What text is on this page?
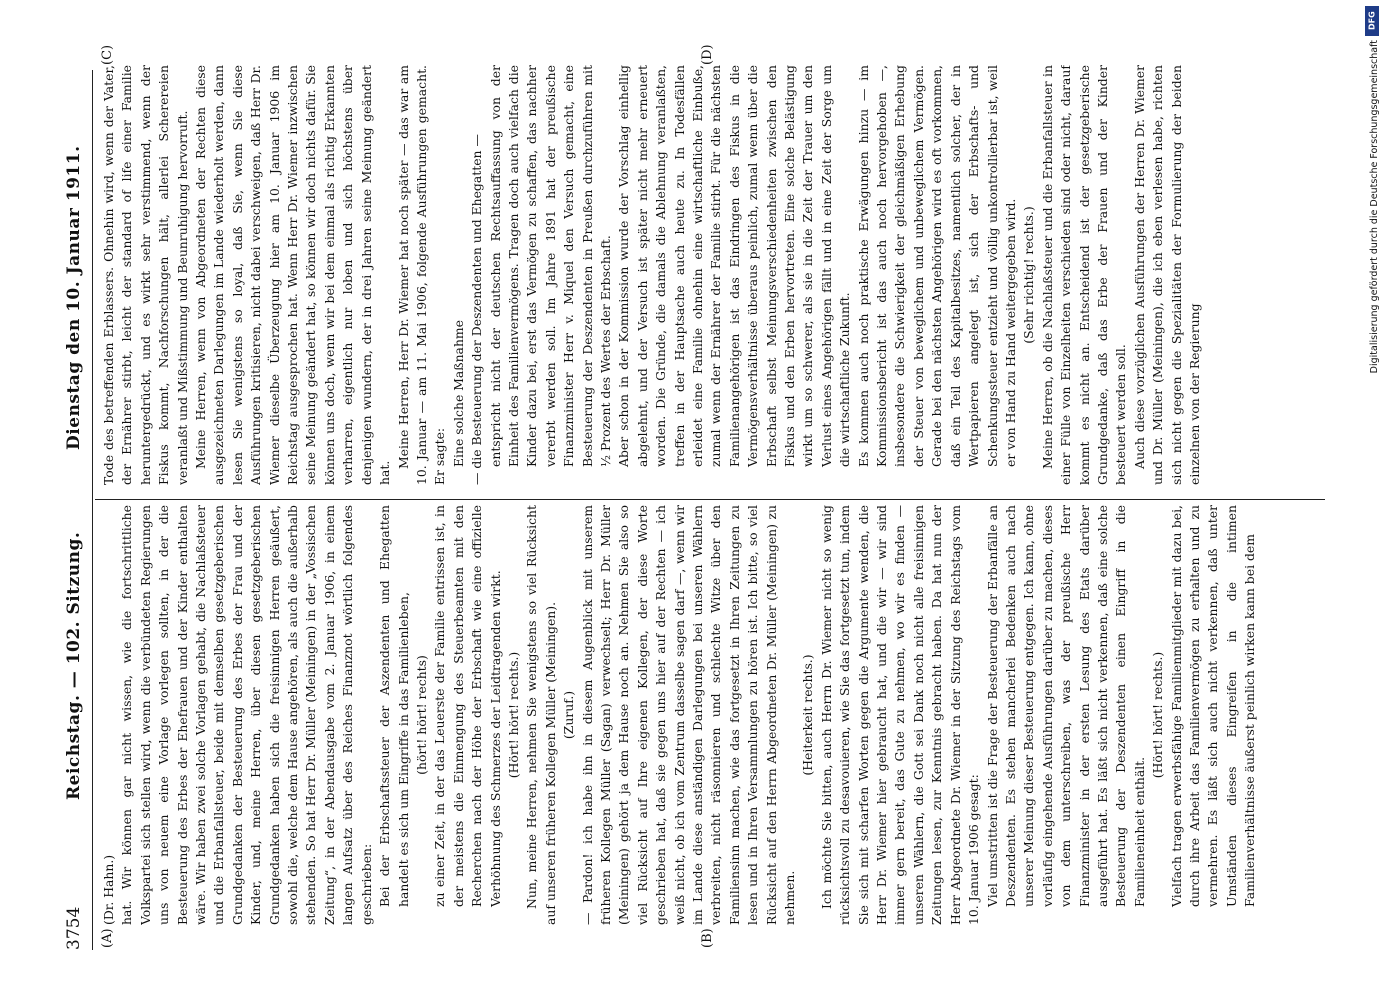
3754
Reichstag. — 102. Sitzung.
Dienstag den 10. Januar 1911.
(A)	(B)
(C)	(D)

(Dr. Hahn.) hat. Wir können gar nicht wissen, wie die fortschrittliche Volkspartei sich stellen wird, wenn die verbündeten Regierungen uns von neuem eine Vorlage vorlegen sollten, in der die Besteuerung des Erbes der Ehefrauen und der Kinder enthalten wäre. Wir haben zwei solche Vorlagen gehabt, die Nachlaßsteuer und die Erbanfallsteuer, beide mit demselben gesetzgeberischen Grundgedanken der Besteuerung des Erbes der Frau und der Kinder, und, meine Herren, über diesen gesetzgeberischen Grundgedanken haben sich die freisinnigen Herren geäußert, sowohl die, welche dem Hause angehören, als auch die außerhalb stehenden. So hat Herr Dr. Müller (Meiningen) in der „Vossischen Zeitung“, in der Abendausgabe vom 2. Januar 1906, in einem langen Aufsatz über des Reiches Finanznot wörtlich folgendes geschrieben: Bei der Erbschaftssteuer der Aszendenten und Ehegatten handelt es sich um Eingriffe in das Familienleben, (hört! hört! rechts) zu einer Zeit, in der das Leuerste der Familie entrissen ist, in der meistens die Einmengung des Steuerbeamten mit den Recherchen nach der Höhe der Erbschaft wie eine offizielle Verhöhnung des Schmerzes der Leidtragenden wirkt. (Hört! hört! rechts.) Nun, meine Herren, nehmen Sie wenigstens so viel Rücksicht auf unseren früheren Kollegen Müller (Meiningen). (Zuruf.) — Pardon! ich habe ihn in diesem Augenblick mit unserem früheren Kollegen Müller (Sagan) verwechselt; Herr Dr. Müller (Meiningen) gehört ja dem Hause noch an. Nehmen Sie also so viel Rücksicht auf Ihre eigenen Kollegen, der diese Worte geschrieben hat, daß sie gegen uns hier auf der Rechten — ich weiß nicht, ob ich vom Zentrum dasselbe sagen darf —, wenn wir im Lande diese anständigen Darlegungen bei unseren Wählern verbreiten, nicht räsonnieren und schlechte Witze über den Familiensinn machen, wie das fortgesetzt in Ihren Zeitungen zu lesen und in Ihren Versammlungen zu hören ist. Ich bitte, so viel Rücksicht auf den Herrn Abgeordneten Dr. Müller (Meiningen) zu nehmen.

(Heiterkeit rechts.) Ich möchte Sie bitten, auch Herrn Dr. Wiemer nicht so wenig rücksichtsvoll zu desavouieren, wie Sie das fortgesetzt tun, indem Sie sich mit scharfen Worten gegen die Argumente wenden, die Herr Dr. Wiemer hier gebraucht hat, und die wir — wir sind immer gern bereit, das Gute zu nehmen, wo wir es finden — unseren Wählern, die Gott sei Dank noch nicht alle freisinnigen Zeitungen lesen, zur Kenntnis gebracht haben. Da hat nun der Herr Abgeordnete Dr. Wiemer in der Sitzung des Reichstags vom 10. Januar 1906 gesagt: Viel umstritten ist die Frage der Besteuerung der Erbanfälle an Deszendenten. Es stehen mancherlei Bedenken auch nach unserer Meinung dieser Besteuerung entgegen. Ich kann, ohne vorläufig eingehende Ausführungen darüber zu machen, dieses von dem unterschreiben, was der preußische Herr Finanzminister in der ersten Lesung des Etats darüber ausgeführt hat. Es läßt sich nicht verkennen, daß eine solche Besteuerung der Deszendenten einen Eingriff in die Familieneinheit enthält.

(Hört! hört! rechts.) Vielfach tragen erwerbsfähige Familienmitglieder mit dazu bei, durch ihre Arbeit das Familienvermögen zu erhalten und zu vermehren. Es läßt sich auch nicht verkennen, daß unter Umständen dieses Eingreifen in die intimen Familienverhältnisse äußerst peinlich wirken kann bei dem

Tode des betreffenden Erblassers. Ohnehin wird, wenn der Vater, der Ernährer stirbt, leicht der standard of life einer Familie heruntergedrückt, und es wirkt sehr verstimmend, wenn der Fiskus kommt, Nachforschungen hält, allerlei Scherereien veranlaßt und Mißstimmung und Beunruhigung hervorruft. Meine Herren, wenn von Abgeordneten der Rechten diese ausgezeichneten Darlegungen im Lande wiederholt werden, dann lesen Sie wenigstens so loyal, daß Sie, wenn Sie diese Ausführungen kritisieren, nicht dabei verschweigen, daß Herr Dr. Wiemer dieselbe Überzeugung hier am 10. Januar 1906 im Reichstag ausgesprochen hat. Wenn Herr Dr. Wiemer inzwischen seine Meinung geändert hat, so können wir doch nichts dafür. Sie können uns doch, wenn wir bei dem einmal als richtig Erkannten verharren, eigentlich nur loben und sich höchstens über denjenigen wundern, der in drei Jahren seine Meinung geändert hat.

Meine Herren, Herr Dr. Wiemer hat noch später — das war am 10. Januar — am 11. Mai 1906, folgende Ausführungen gemacht. Er sagte: Eine solche Maßnahme — die Besteuerung der Deszendenten und Ehegatten — entspricht nicht der deutschen Rechtsauffassung von der Einheit des Familienvermögens. Tragen doch auch vielfach die Kinder dazu bei, erst das Vermögen zu schaffen, das nachher vererbt werden soll. Im Jahre 1891 hat der preußische Finanzminister Herr v. Miquel den Versuch gemacht, eine Besteuerung der Deszendenten in Preußen durchzuführen mit ½ Prozent des Wertes der Erbschaft. Aber schon in der Kommission wurde der Vorschlag einhellig abgelehnt, und der Versuch ist später nicht mehr erneuert worden. Die Gründe, die damals die Ablehnung veranlaßten, treffen in der Hauptsache auch heute zu. In Todesfällen erleidet eine Familie ohnehin eine wirtschaftliche Einbuße, zumal wenn der Ernährer der Familie stirbt. Für die nächsten Familienangehörigen ist das Eindringen des Fiskus in die Vermögensverhältnisse überaus peinlich, zumal wenn über die Erbschaft selbst Meinungsverschiedenheiten zwischen den Fiskus und den Erben hervortreten. Eine solche Belästigung wirkt um so schwerer, als sie in die Zeit der Trauer um den Verlust eines Angehörigen fällt und in eine Zeit der Sorge um die wirtschaftliche Zukunft. Es kommen auch noch praktische Erwägungen hinzu — im Kommissionsbericht ist das auch noch hervorgehoben —, insbesondere die Schwierigkeit der gleichmäßigen Erhebung der Steuer von beweglichem und unbeweglichem Vermögen. Gerade bei den nächsten Angehörigen wird es oft vorkommen, daß ein Teil des Kapitalbesitzes, namentlich solcher, der in Wertpapieren angelegt ist, sich der Erbschafts- und Schenkungssteuer entzieht und völlig unkontrollierbar ist, weil er von Hand zu Hand weitergegeben wird. (Sehr richtig! rechts.) Meine Herren, ob die Nachlaßsteuer und die Erbanfallsteuer in einer Fülle von Einzelheiten verschieden sind oder nicht, darauf kommt es nicht an. Entscheidend ist der gesetzgeberische Grundgedanke, daß das Erbe der Frauen und der Kinder besteuert werden soll. Auch diese vorzüglichen Ausführungen der Herren Dr. Wiemer und Dr. Müller (Meiningen), die ich eben verlesen habe, richten sich nicht gegen die Spezialitäten der Formulierung der beiden einzelnen von der Regierung

DFG
Digitalisierung gefördert durch die Deutsche Forschungsgemeinschaft
